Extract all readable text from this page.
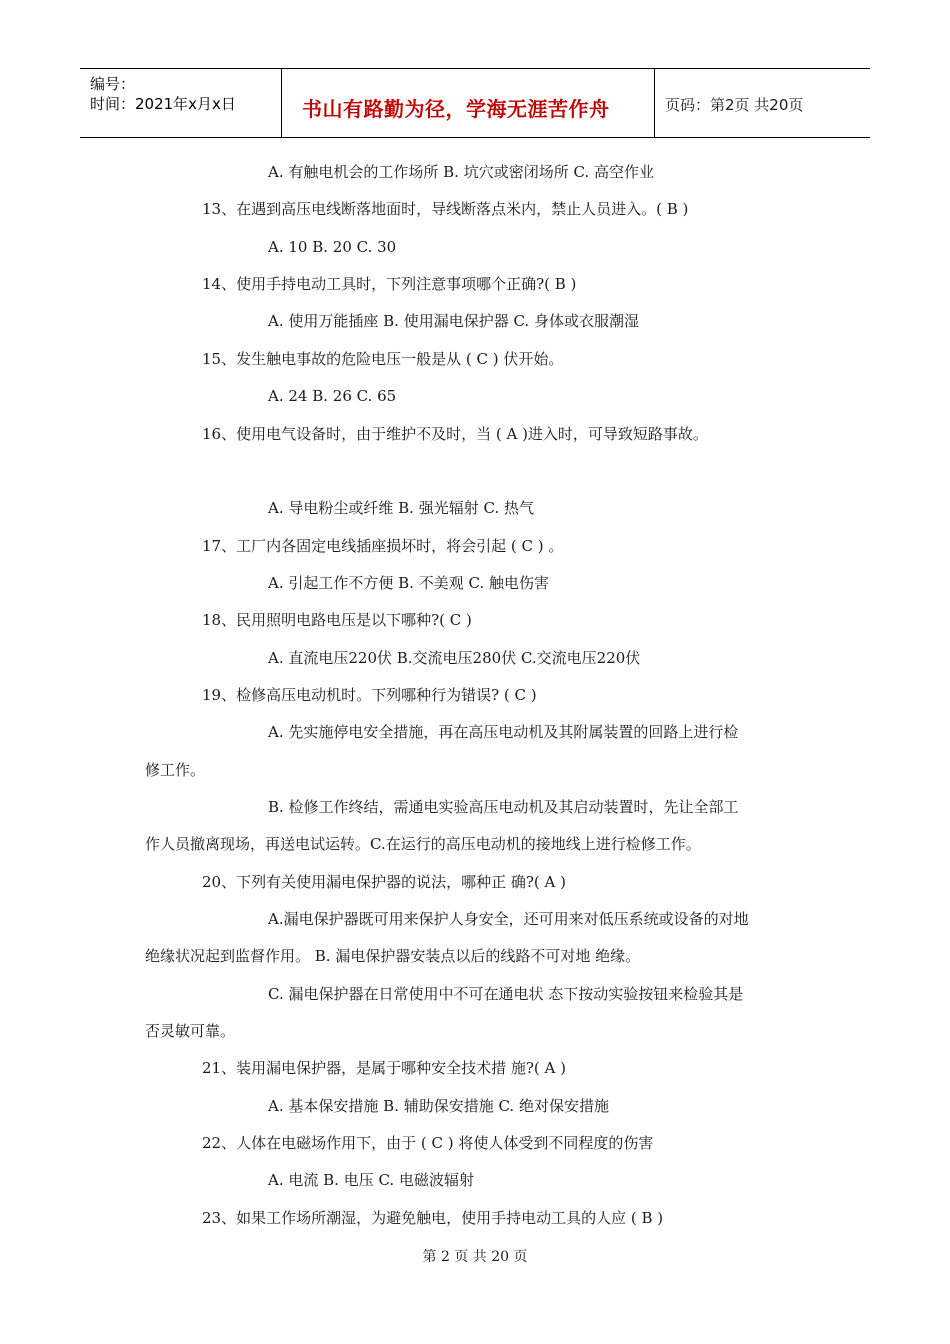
编号：
时间：2021年x月x日	书山有路勤为径，学海无涯苦作舟	页码：第2页 共20页
A. 有触电机会的工作场所 B. 坑穴或密闭场所 C. 高空作业
13、在遇到高压电线断落地面时，导线断落点米内，禁止人员进入。( B )
A. 10 B. 20 C. 30
14、使用手持电动工具时，下列注意事项哪个正确?( B )
A. 使用万能插座 B. 使用漏电保护器 C. 身体或衣服潮湿
15、发生触电事故的危险电压一般是从 ( C ) 伏开始。
A. 24 B. 26 C. 65
16、使用电气设备时，由于维护不及时，当 ( A )进入时，可导致短路事故。
A. 导电粉尘或纤维 B. 强光辐射 C. 热气
17、工厂内各固定电线插座损坏时，将会引起 ( C ) 。
A. 引起工作不方便 B. 不美观 C. 触电伤害
18、民用照明电路电压是以下哪种?( C )
A. 直流电压220伏 B.交流电压280伏 C.交流电压220伏
19、检修高压电动机时。下列哪种行为错误? ( C )
A. 先实施停电安全措施，再在高压电动机及其附属装置的回路上进行检
修工作。
B. 检修工作终结，需通电实验高压电动机及其启动装置时，先让全部工
作人员撤离现场，再送电试运转。C.在运行的高压电动机的接地线上进行检修工作。
20、下列有关使用漏电保护器的说法，哪种正 确?( A )
A.漏电保护器既可用来保护人身安全，还可用来对低压系统或设备的对地
绝缘状况起到监督作用。 B. 漏电保护器安装点以后的线路不可对地 绝缘。
C. 漏电保护器在日常使用中不可在通电状 态下按动实验按钮来检验其是
否灵敏可靠。
21、装用漏电保护器，是属于哪种安全技术措 施?( A )
A. 基本保安措施 B. 辅助保安措施 C. 绝对保安措施
22、人体在电磁场作用下，由于 ( C ) 将使人体受到不同程度的伤害
A. 电流 B. 电压 C. 电磁波辐射
23、如果工作场所潮湿，为避免触电，使用手持电动工具的人应 ( B )
第 2 页 共 20 页
